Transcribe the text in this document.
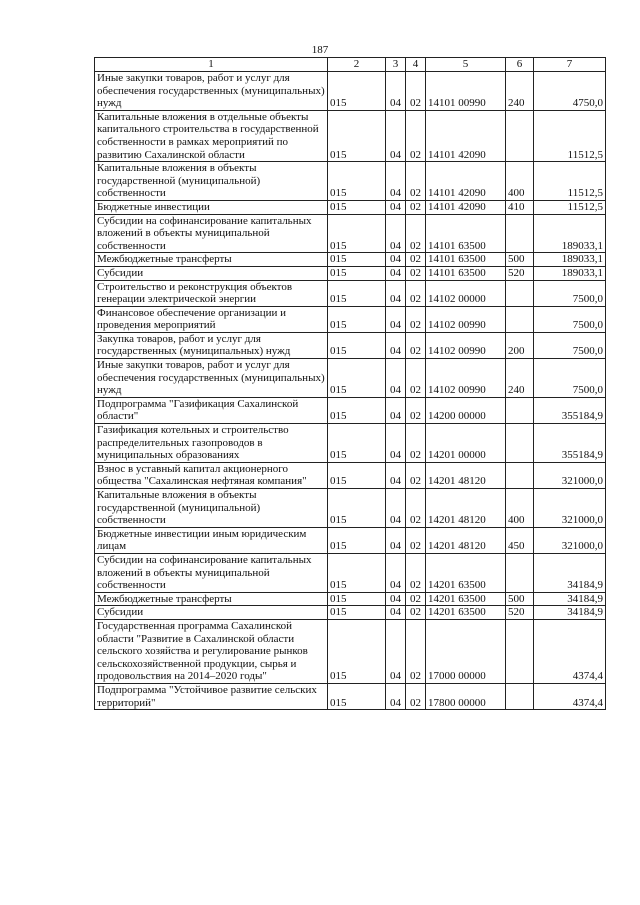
187
1	2	3	4	5	6	7
Иные закупки товаров, работ и услуг для обеспечения государственных (муниципальных) нужд	015	04	02	14101 00990	240	4750,0
Капитальные вложения в отдельные объекты капитального строительства в государственной собственности в рамках мероприятий по развитию Сахалинской области	015	04	02	14101 42090		11512,5
Капитальные вложения в объекты государственной (муниципальной) собственности	015	04	02	14101 42090	400	11512,5
Бюджетные инвестиции	015	04	02	14101 42090	410	11512,5
Субсидии на софинансирование капитальных вложений в объекты муниципальной собственности	015	04	02	14101 63500		189033,1
Межбюджетные трансферты	015	04	02	14101 63500	500	189033,1
Субсидии	015	04	02	14101 63500	520	189033,1
Строительство и реконструкция объектов генерации электрической энергии	015	04	02	14102 00000		7500,0
Финансовое обеспечение организации и проведения мероприятий	015	04	02	14102 00990		7500,0
Закупка товаров, работ и услуг для государственных (муниципальных) нужд	015	04	02	14102 00990	200	7500,0
Иные закупки товаров, работ и услуг для обеспечения государственных (муниципальных) нужд	015	04	02	14102 00990	240	7500,0
Подпрограмма "Газификация Сахалинской области"	015	04	02	14200 00000		355184,9
Газификация котельных и строительство распределительных газопроводов в муниципальных образованиях	015	04	02	14201 00000		355184,9
Взнос в уставный капитал акционерного общества "Сахалинская нефтяная компания"	015	04	02	14201 48120		321000,0
Капитальные вложения в объекты государственной (муниципальной) собственности	015	04	02	14201 48120	400	321000,0
Бюджетные инвестиции иным юридическим лицам	015	04	02	14201 48120	450	321000,0
Субсидии на софинансирование капитальных вложений в объекты муниципальной собственности	015	04	02	14201 63500		34184,9
Межбюджетные трансферты	015	04	02	14201 63500	500	34184,9
Субсидии	015	04	02	14201 63500	520	34184,9
Государственная программа Сахалинской области "Развитие в Сахалинской области сельского хозяйства и регулирование рынков сельскохозяйственной продукции, сырья и продовольствия на 2014–2020 годы"	015	04	02	17000 00000		4374,4
Подпрограмма "Устойчивое развитие сельских территорий"	015	04	02	17800 00000		4374,4
